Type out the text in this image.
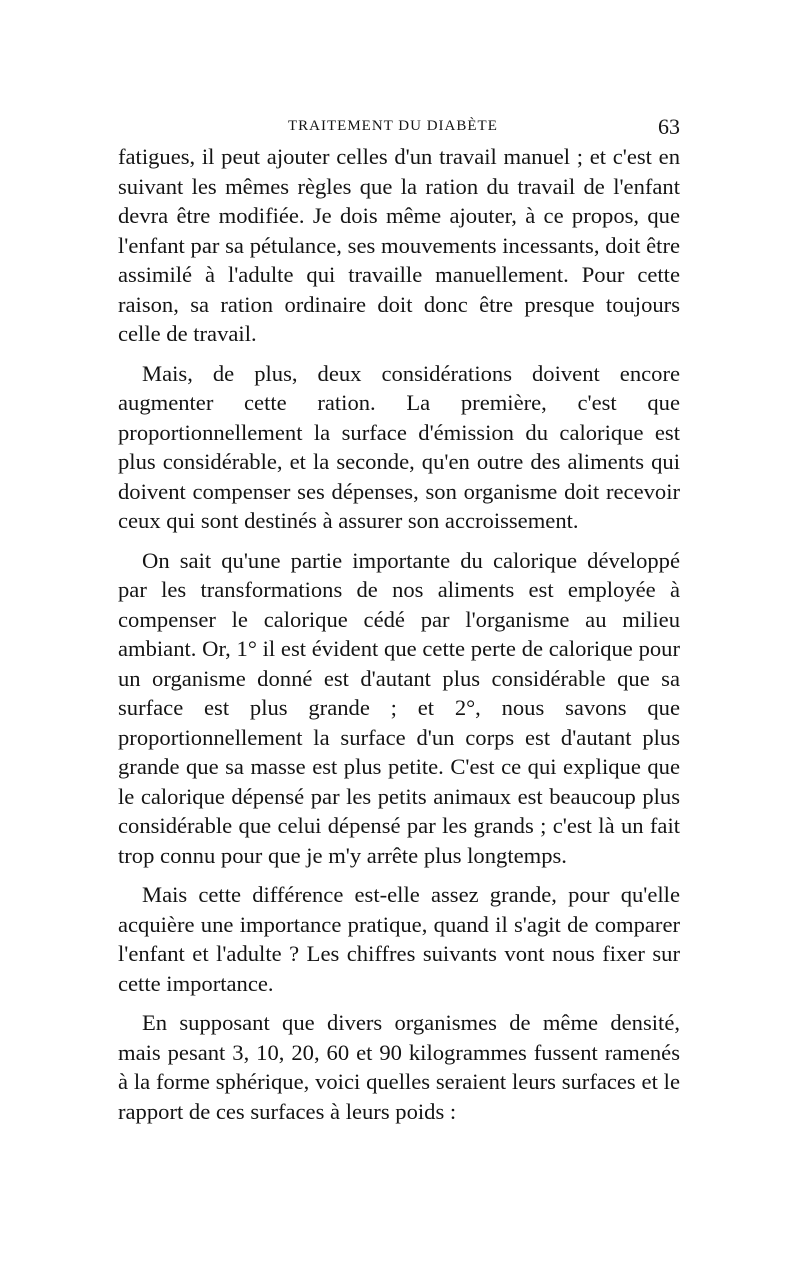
TRAITEMENT DU DIABÈTE	63

fatigues, il peut ajouter celles d'un travail manuel ; et c'est en suivant les mêmes règles que la ration du travail de l'enfant devra être modifiée. Je dois même ajouter, à ce propos, que l'enfant par sa pétulance, ses mouvements incessants, doit être assimilé à l'adulte qui travaille manuellement. Pour cette raison, sa ration ordinaire doit donc être presque toujours celle de travail.

Mais, de plus, deux considérations doivent encore augmenter cette ration. La première, c'est que proportionnellement la surface d'émission du calorique est plus considérable, et la seconde, qu'en outre des aliments qui doivent compenser ses dépenses, son organisme doit recevoir ceux qui sont destinés à assurer son accroissement.

On sait qu'une partie importante du calorique développé par les transformations de nos aliments est employée à compenser le calorique cédé par l'organisme au milieu ambiant. Or, 1° il est évident que cette perte de calorique pour un organisme donné est d'autant plus considérable que sa surface est plus grande ; et 2°, nous savons que proportionnellement la surface d'un corps est d'autant plus grande que sa masse est plus petite. C'est ce qui explique que le calorique dépensé par les petits animaux est beaucoup plus considérable que celui dépensé par les grands ; c'est là un fait trop connu pour que je m'y arrête plus longtemps.

Mais cette différence est-elle assez grande, pour qu'elle acquière une importance pratique, quand il s'agit de comparer l'enfant et l'adulte ? Les chiffres suivants vont nous fixer sur cette importance.

En supposant que divers organismes de même densité, mais pesant 3, 10, 20, 60 et 90 kilogrammes fussent ramenés à la forme sphérique, voici quelles seraient leurs surfaces et le rapport de ces surfaces à leurs poids :
